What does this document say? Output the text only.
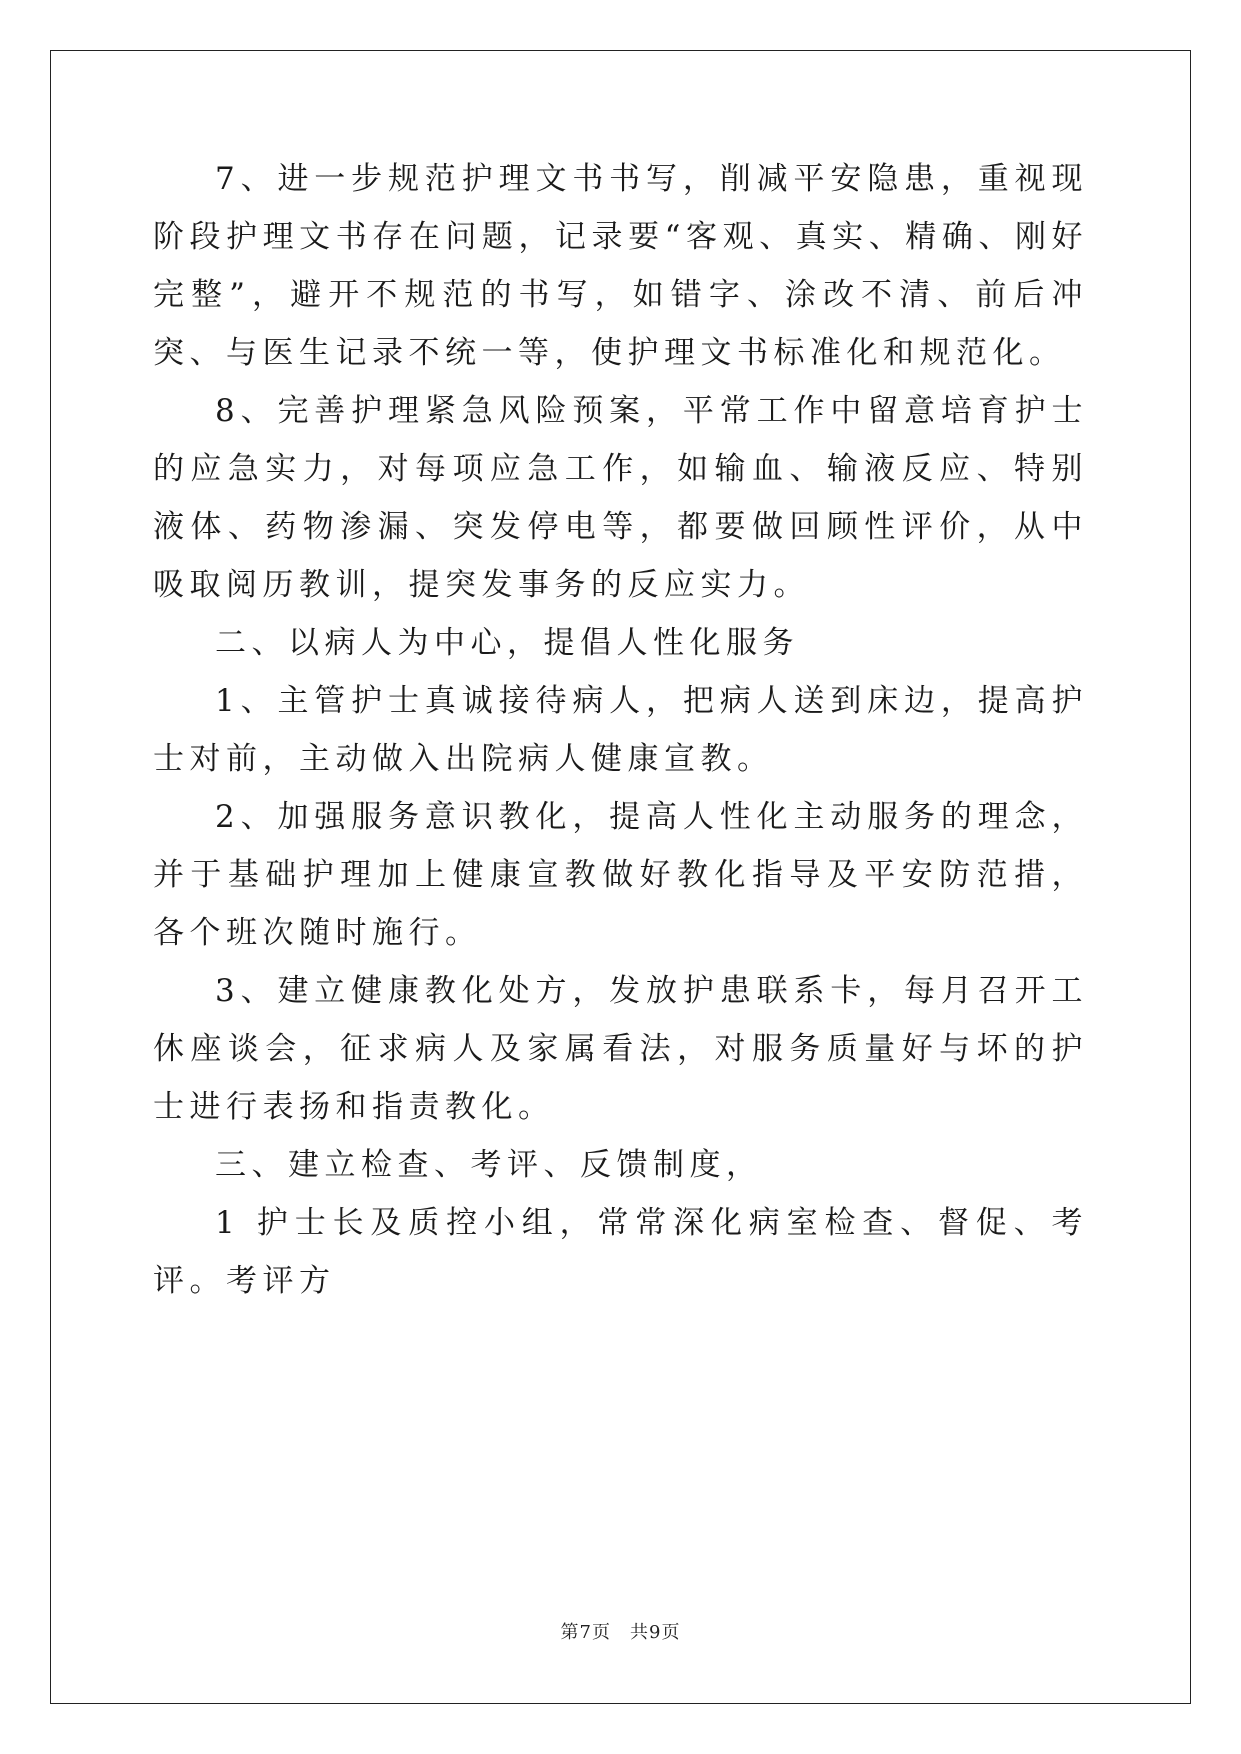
7、进一步规范护理文书书写，削减平安隐患，重视现阶段护理文书存在问题，记录要“客观、真实、精确、刚好完整”，避开不规范的书写，如错字、涂改不清、前后冲突、与医生记录不统一等，使护理文书标准化和规范化。

8、完善护理紧急风险预案，平常工作中留意培育护士的应急实力，对每项应急工作，如输血、输液反应、特别液体、药物渗漏、突发停电等，都要做回顾性评价，从中吸取阅历教训，提突发事务的反应实力。

二、以病人为中心，提倡人性化服务

1、主管护士真诚接待病人，把病人送到床边，提高护士对前，主动做入出院病人健康宣教。

2、加强服务意识教化，提高人性化主动服务的理念，并于基础护理加上健康宣教做好教化指导及平安防范措，各个班次随时施行。

3、建立健康教化处方，发放护患联系卡，每月召开工休座谈会，征求病人及家属看法，对服务质量好与坏的护士进行表扬和指责教化。

三、建立检查、考评、反馈制度，

1 护士长及质控小组，常常深化病室检查、督促、考评。考评方

第7页　共9页
